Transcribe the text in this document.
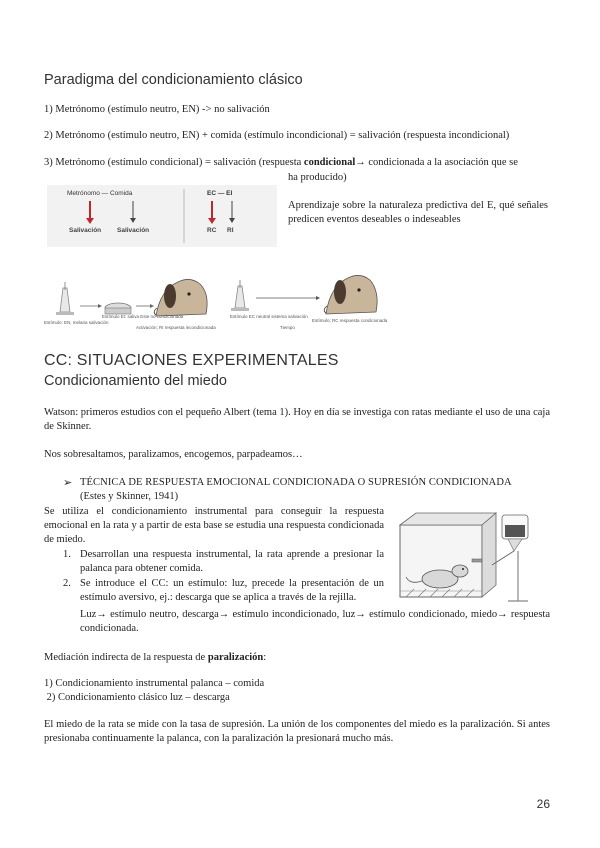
Paradigma del condicionamiento clásico
1) Metrónomo (estímulo neutro, EN) -> no salivación
2) Metrónomo (estímulo neutro, EN) + comida (estímulo incondicional) = salivación (respuesta incondicional)
3) Metrónomo (estímulo condicional) = salivación (respuesta condicional→ condicionada a la asociación que se
ha producido)
Metrónomo — Comida
Salivación Salivación
EC — EI
RC RI
Aprendizaje sobre la naturaleza predictiva del E, qué señales predicen eventos deseables o indeseables
Estímulo: EN, melaria salivación
Estímulo EI: saliva Este no condicionada
Activación; RI respuesta incondicionada
Estímulo EC neutral sistema salivación
Tiempo
Estímulo; RC respuesta condicionada
CC: SITUACIONES EXPERIMENTALES
Condicionamiento del miedo
Watson: primeros estudios con el pequeño Albert (tema 1). Hoy en día se investiga con ratas mediante el uso de una caja de Skinner.
Nos sobresaltamos, paralizamos, encogemos, parpadeamos…
➢ TÉCNICA DE RESPUESTA EMOCIONAL CONDICIONADA O SUPRESIÓN CONDICIONADA
(Estes y Skinner, 1941)
Se utiliza el condicionamiento instrumental para conseguir la respuesta emocional en la rata y a partir de esta base se estudia una respuesta condicionada de miedo.
1. Desarrollan una respuesta instrumental, la rata aprende a presionar la palanca para obtener comida.
2. Se introduce el CC: un estímulo: luz, precede la presentación de un estímulo aversivo, ej.: descarga que se aplica a través de la rejilla.
Luz→ estímulo neutro, descarga→ estímulo incondicionado, luz→ estímulo condicionado, miedo→ respuesta condicionada.
Mediación indirecta de la respuesta de paralización:
1) Condicionamiento instrumental palanca – comida
2) Condicionamiento clásico luz – descarga
El miedo de la rata se mide con la tasa de supresión. La unión de los componentes del miedo es la paralización. Si antes presionaba continuamente la palanca, con la paralización la presionará mucho más.
26
